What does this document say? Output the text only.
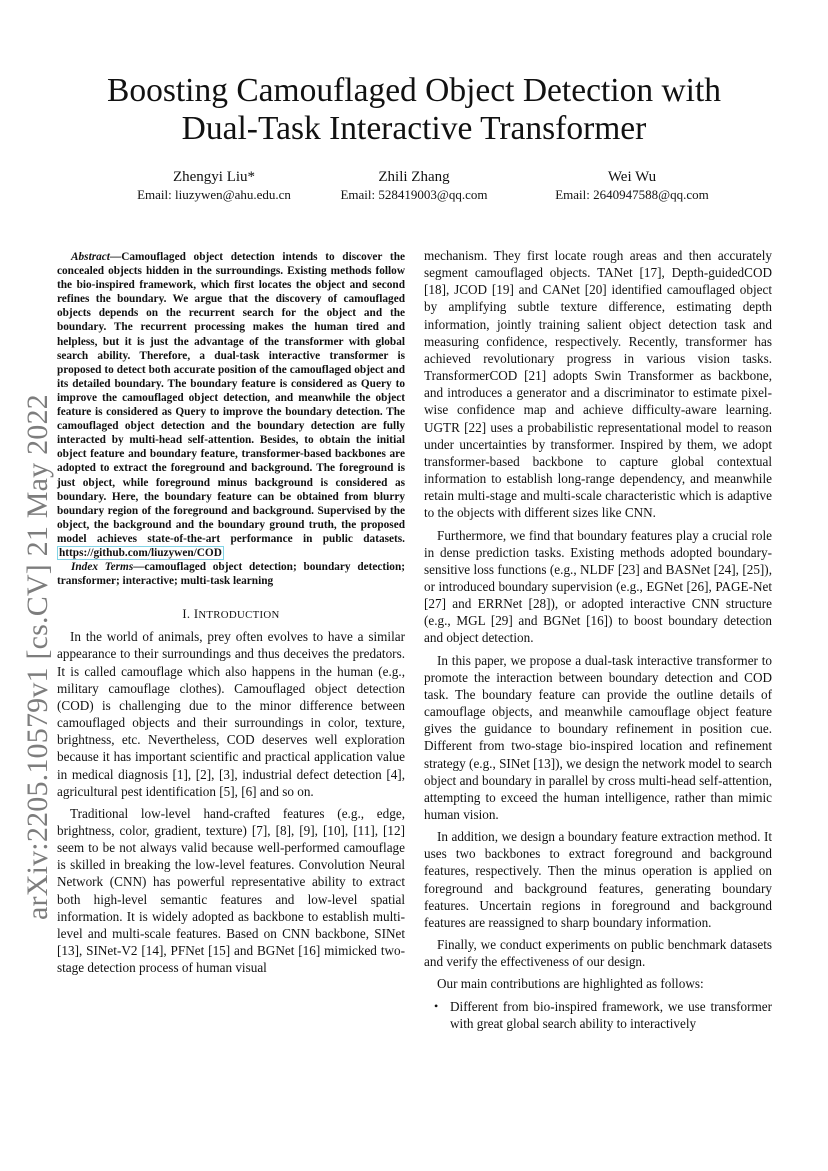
arXiv:2205.10579v1 [cs.CV] 21 May 2022
Boosting Camouflaged Object Detection with
Dual-Task Interactive Transformer
Zhengyi Liu*
Email: liuzywen@ahu.edu.cn
Zhili Zhang
Email: 528419003@qq.com
Wei Wu
Email: 2640947588@qq.com

Abstract—Camouflaged object detection intends to discover the concealed objects hidden in the surroundings. Existing methods follow the bio-inspired framework, which first locates the object and second refines the boundary. We argue that the discovery of camouflaged objects depends on the recurrent search for the object and the boundary. The recurrent processing makes the human tired and helpless, but it is just the advantage of the transformer with global search ability. Therefore, a dual-task interactive transformer is proposed to detect both accurate position of the camouflaged object and its detailed boundary. The boundary feature is considered as Query to improve the camouflaged object detection, and meanwhile the object feature is considered as Query to improve the boundary detection. The camouflaged object detection and the boundary detection are fully interacted by multi-head self-attention. Besides, to obtain the initial object feature and boundary feature, transformer-based backbones are adopted to extract the foreground and background. The foreground is just object, while foreground minus background is considered as boundary. Here, the boundary feature can be obtained from blurry boundary region of the foreground and background. Supervised by the object, the background and the boundary ground truth, the proposed model achieves state-of-the-art performance in public datasets. https://github.com/liuzywen/COD

Index Terms—camouflaged object detection; boundary detection; transformer; interactive; multi-task learning

I. INTRODUCTION

In the world of animals, prey often evolves to have a similar appearance to their surroundings and thus deceives the predators. It is called camouflage which also happens in the human (e.g., military camouflage clothes). Camouflaged object detection (COD) is challenging due to the minor difference between camouflaged objects and their surroundings in color, texture, brightness, etc. Nevertheless, COD deserves well exploration because it has important scientific and practical application value in medical diagnosis [1], [2], [3], industrial defect detection [4], agricultural pest identification [5], [6] and so on.

Traditional low-level hand-crafted features (e.g., edge, brightness, color, gradient, texture) [7], [8], [9], [10], [11], [12] seem to be not always valid because well-performed camouflage is skilled in breaking the low-level features. Convolution Neural Network (CNN) has powerful representative ability to extract both high-level semantic features and low-level spatial information. It is widely adopted as backbone to establish multi-level and multi-scale features. Based on CNN backbone, SINet [13], SINet-V2 [14], PFNet [15] and BGNet [16] mimicked two-stage detection process of human visual

mechanism. They first locate rough areas and then accurately segment camouflaged objects. TANet [17], Depth-guidedCOD [18], JCOD [19] and CANet [20] identified camouflaged object by amplifying subtle texture difference, estimating depth information, jointly training salient object detection task and measuring confidence, respectively. Recently, transformer has achieved revolutionary progress in various vision tasks. TransformerCOD [21] adopts Swin Transformer as backbone, and introduces a generator and a discriminator to estimate pixel-wise confidence map and achieve difficulty-aware learning. UGTR [22] uses a probabilistic representational model to reason under uncertainties by transformer. Inspired by them, we adopt transformer-based backbone to capture global contextual information to establish long-range dependency, and meanwhile retain multi-stage and multi-scale characteristic which is adaptive to the objects with different sizes like CNN.

Furthermore, we find that boundary features play a crucial role in dense prediction tasks. Existing methods adopted boundary-sensitive loss functions (e.g., NLDF [23] and BASNet [24], [25]), or introduced boundary supervision (e.g., EGNet [26], PAGE-Net [27] and ERRNet [28]), or adopted interactive CNN structure (e.g., MGL [29] and BGNet [16]) to boost boundary detection and object detection.

In this paper, we propose a dual-task interactive transformer to promote the interaction between boundary detection and COD task. The boundary feature can provide the outline details of camouflage objects, and meanwhile camouflage object feature gives the guidance to boundary refinement in position cue. Different from two-stage bio-inspired location and refinement strategy (e.g., SINet [13]), we design the network model to search object and boundary in parallel by cross multi-head self-attention, attempting to exceed the human intelligence, rather than mimic human vision.

In addition, we design a boundary feature extraction method. It uses two backbones to extract foreground and background features, respectively. Then the minus operation is applied on foreground and background features, generating boundary features. Uncertain regions in foreground and background features are reassigned to sharp boundary information.

Finally, we conduct experiments on public benchmark datasets and verify the effectiveness of our design.

Our main contributions are highlighted as follows:

• Different from bio-inspired framework, we use transformer with great global search ability to interactively
